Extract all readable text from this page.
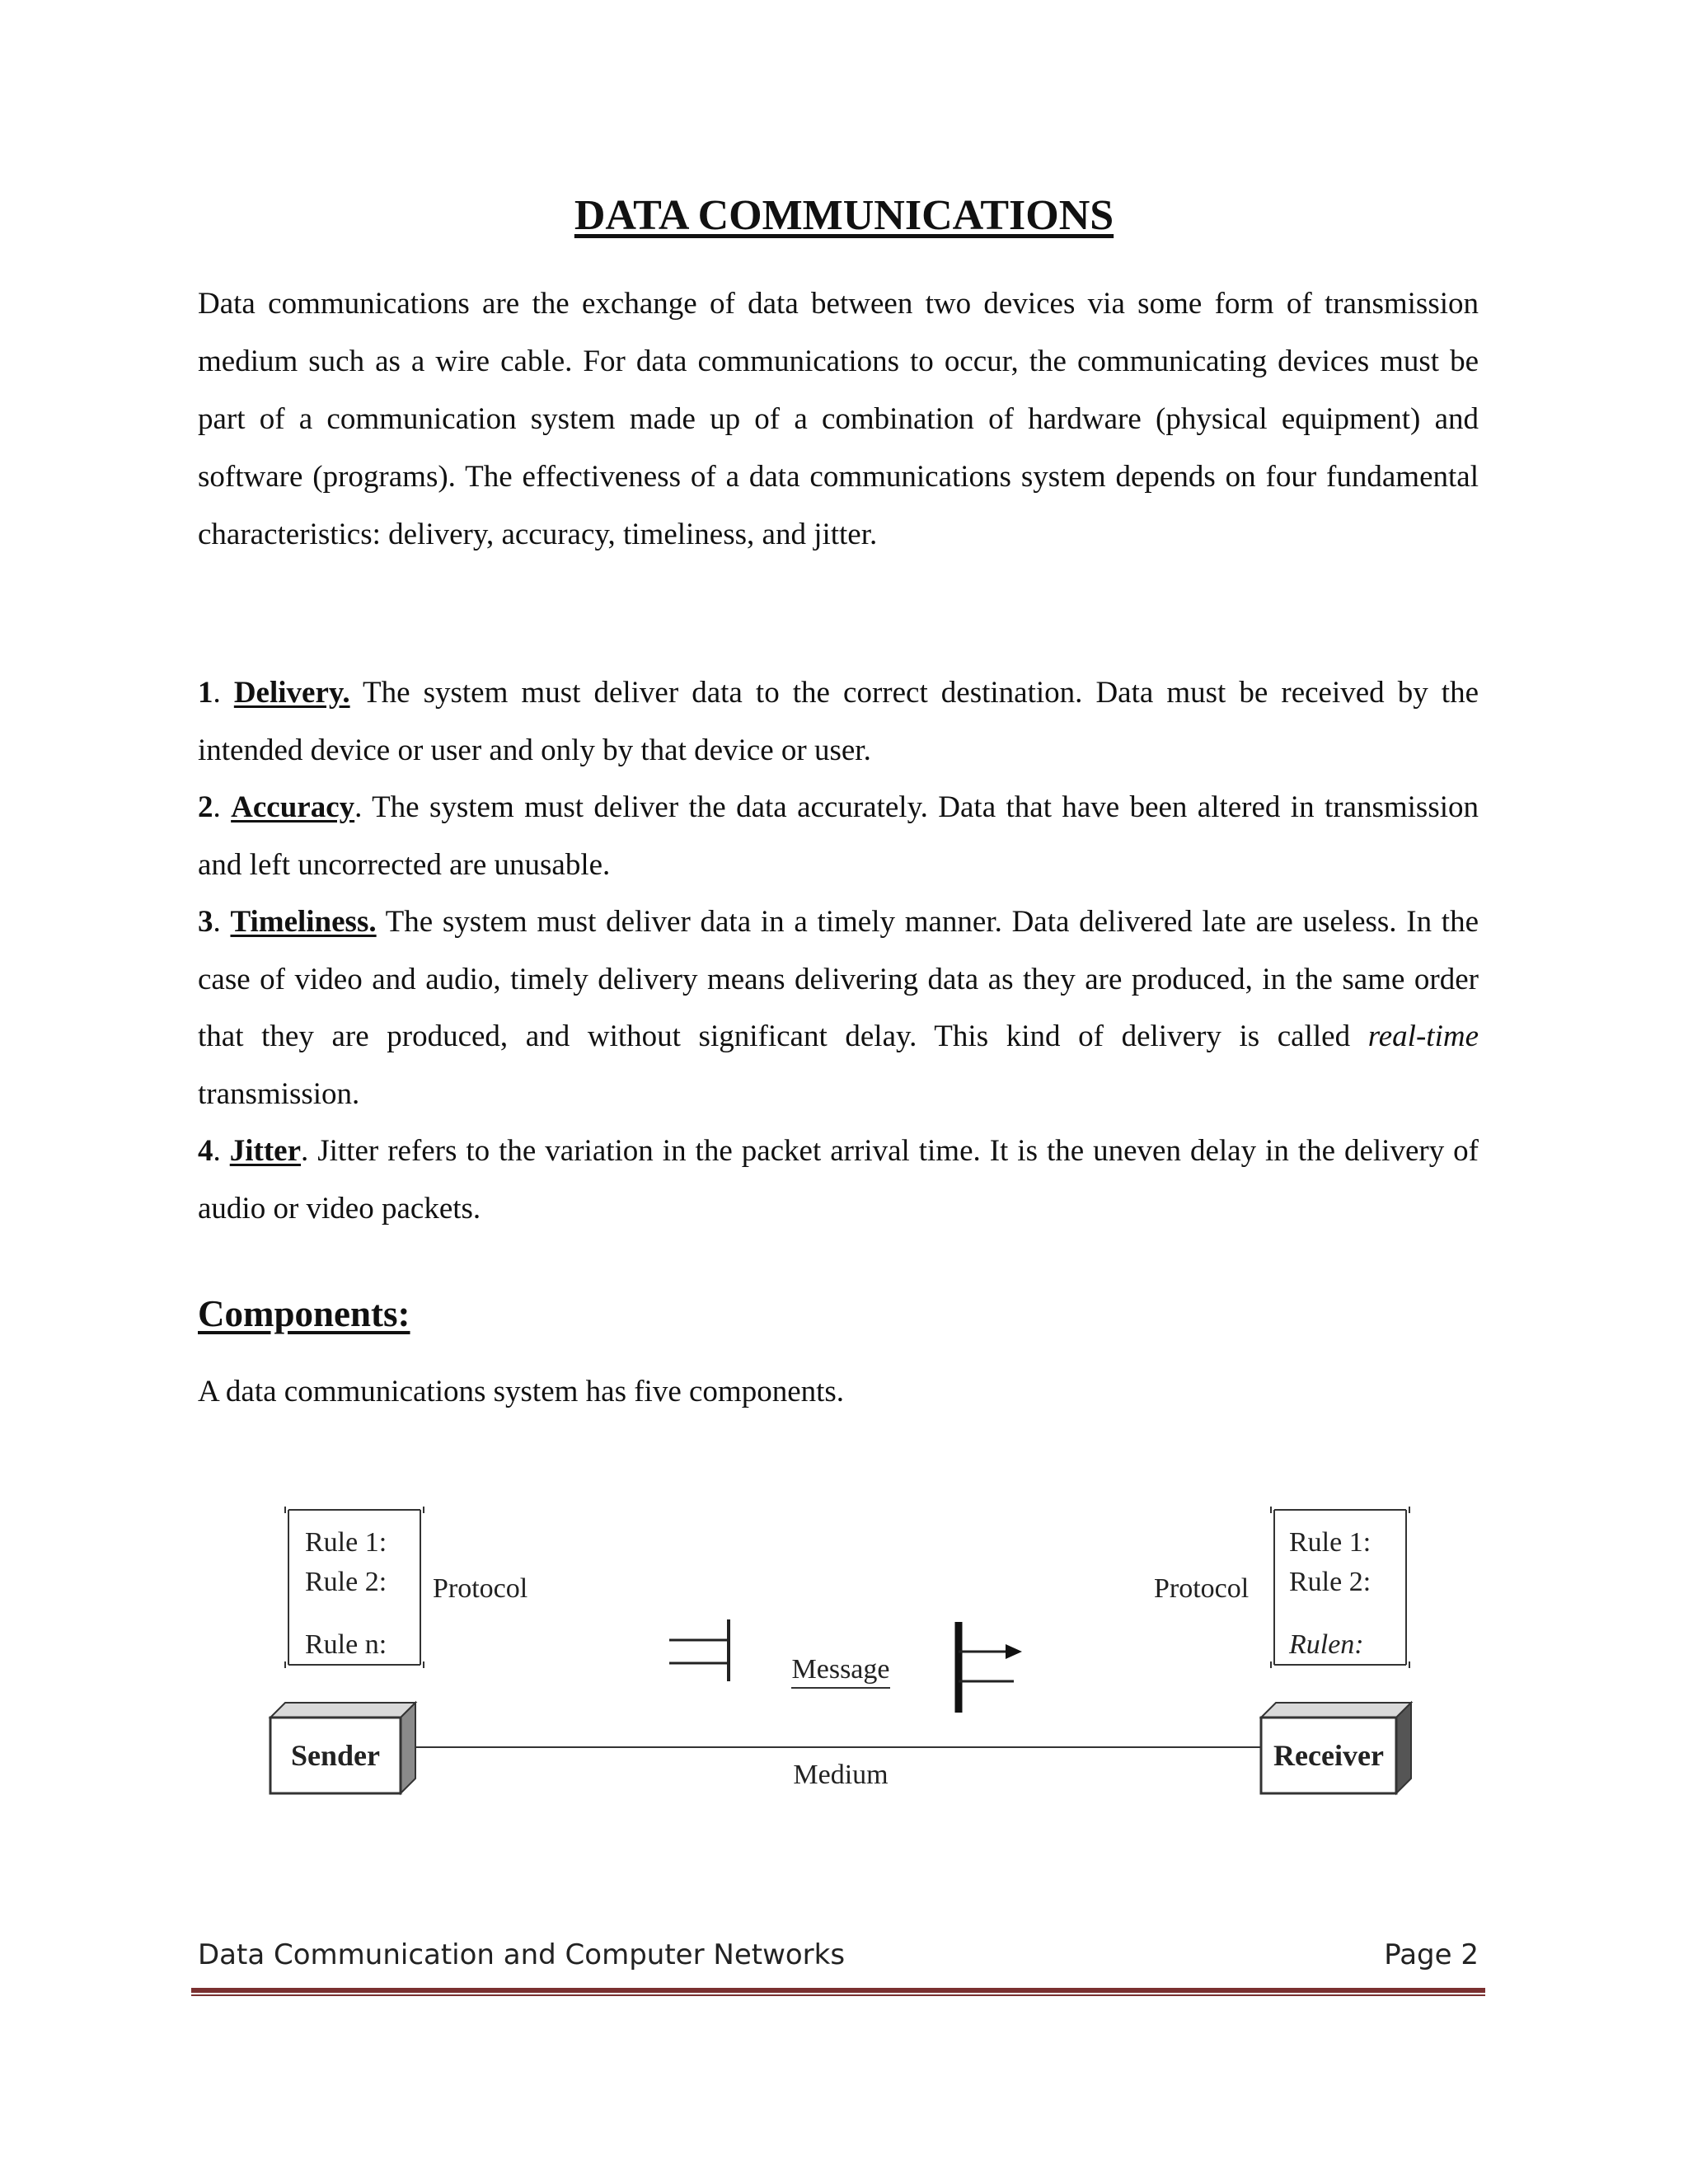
DATA COMMUNICATIONS

Data communications are the exchange of data between two devices via some form of transmission medium such as a wire cable. For data communications to occur, the communicating devices must be part of a communication system made up of a combination of hardware (physical equipment) and software (programs). The effectiveness of a data communications system depends on four fundamental characteristics: delivery, accuracy, timeliness, and jitter.

1. Delivery. The system must deliver data to the correct destination. Data must be received by the intended device or user and only by that device or user.
2. Accuracy. The system must deliver the data accurately. Data that have been altered in transmission and left uncorrected are unusable.
3. Timeliness. The system must deliver data in a timely manner. Data delivered late are useless. In the case of video and audio, timely delivery means delivering data as they are produced, in the same order that they are produced, and without significant delay. This kind of delivery is called real-time transmission.
4. Jitter. Jitter refers to the variation in the packet arrival time. It is the uneven delay in the delivery of audio or video packets.
Components:

A data communications system has five components.

Rule 1:
Rule 2:
Rule n:
Protocol
Rule 1:
Rule 2:
Rulen:
Protocol
Message
Medium
Sender	Receiver
Data Communication and Computer Networks	Page 2
